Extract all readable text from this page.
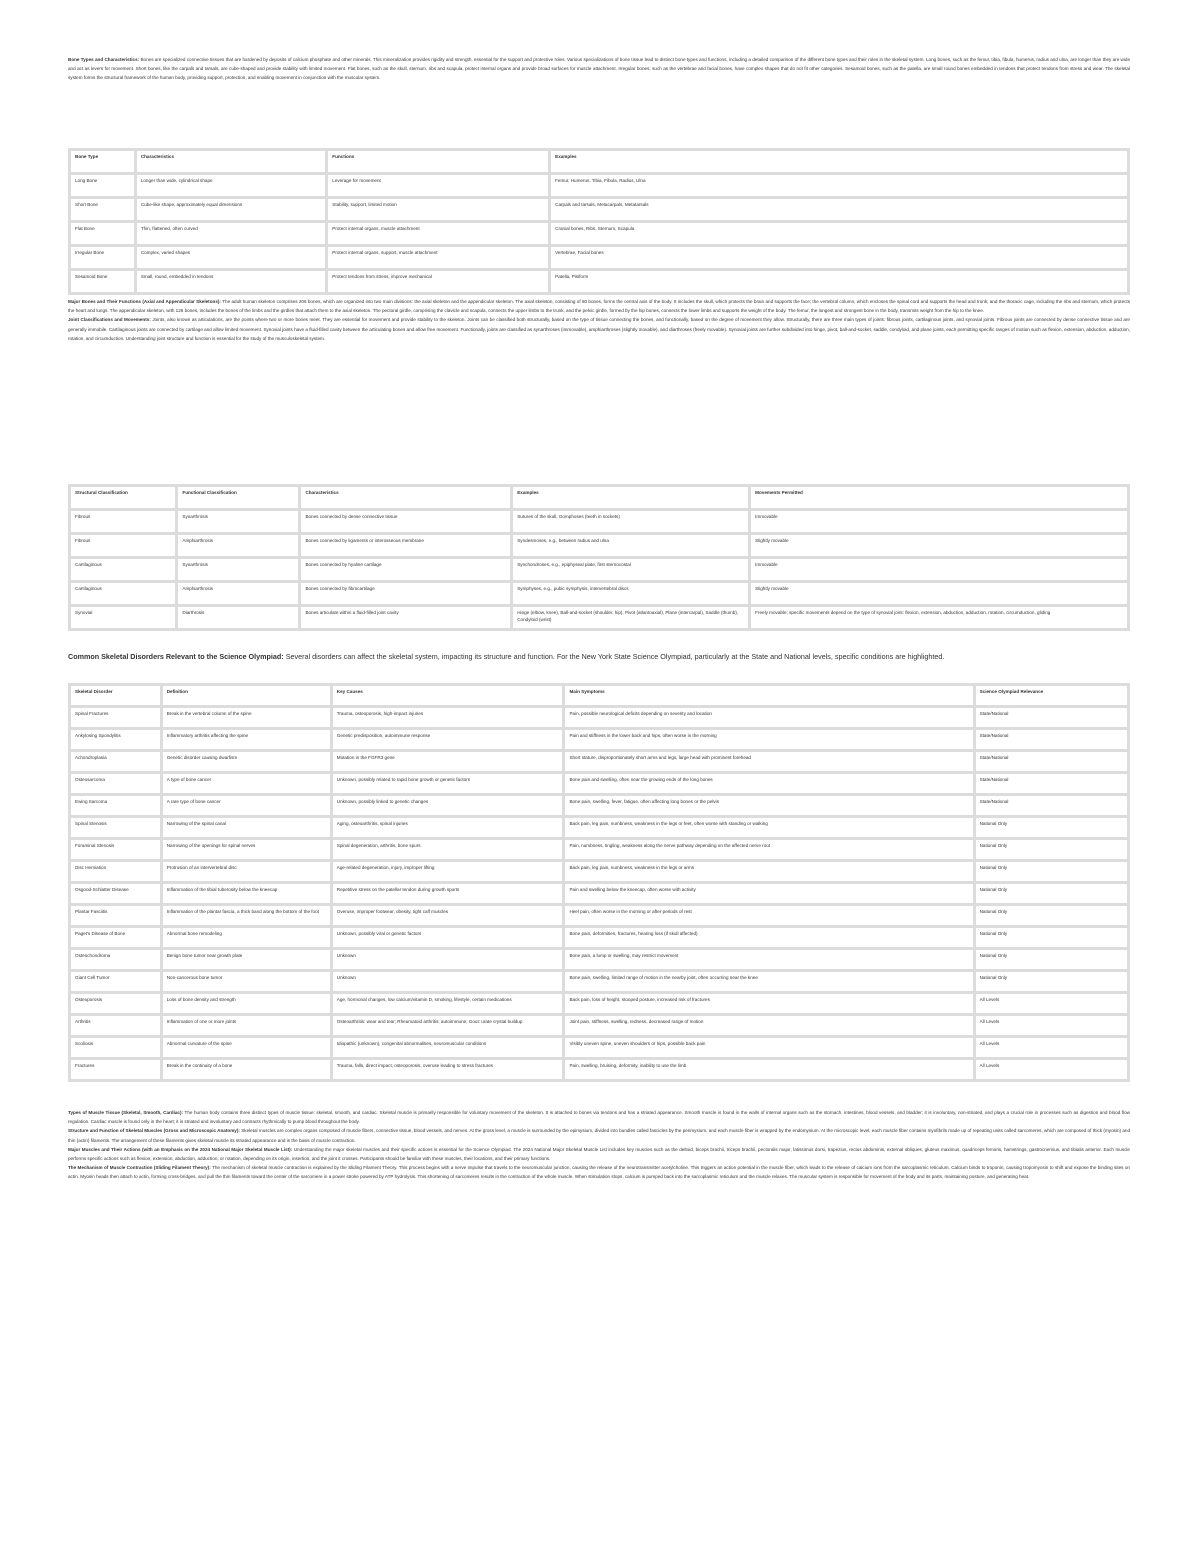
Bone Types and Characteristics: Bones are specialized connective tissues that are hardened by deposits of calcium phosphate and other minerals. This mineralization provides rigidity and strength, essential for the support and protective roles. Various specializations of bone tissue lead to distinct bone types and functions, including a detailed comparison of the different bone types and their roles in the skeletal system. Long bones, such as the femur, tibia, fibula, humerus, radius and ulna, are longer than they are wide and act as levers for movement. Short bones, like the carpals and tarsals, are cube-shaped and provide stability with limited movement. Flat bones, such as the skull, sternum, ribs and scapula, protect internal organs and provide broad surfaces for muscle attachment. Irregular bones, such as the vertebrae and facial bones, have complex shapes that do not fit other categories. Sesamoid bones, such as the patella, are small round bones embedded in tendons that protect tendons from stress and wear. The skeletal system forms the structural framework of the human body, providing support, protection, and enabling movement in conjunction with the muscular system.

Bone Type	Characteristics	Functions	Examples
Long Bone	Longer than wide, cylindrical shape	Leverage for movement	Femur, Humerus, Tibia, Fibula, Radius, Ulna
Short Bone	Cube-like shape, approximately equal dimensions	Stability, support, limited motion	Carpals and tarsals, Metacarpals, Metatarsals
Flat Bone	Thin, flattened, often curved	Protect internal organs, muscle attachment	Cranial bones, Ribs, Sternum, Scapula
Irregular Bone	Complex, varied shapes	Protect internal organs, support, muscle attachment	Vertebrae, Facial bones
Sesamoid Bone	Small, round, embedded in tendons	Protect tendons from stress, improve mechanical	Patella, Pisiform

Major Bones and Their Functions (Axial and Appendicular Skeletons): The adult human skeleton comprises 206 bones, which are organized into two main divisions: the axial skeleton and the appendicular skeleton. The axial skeleton, consisting of 80 bones, forms the central axis of the body. It includes the skull, which protects the brain and supports the face; the vertebral column, which encloses the spinal cord and supports the head and trunk; and the thoracic cage, including the ribs and sternum, which protects the heart and lungs. The appendicular skeleton, with 126 bones, includes the bones of the limbs and the girdles that attach them to the axial skeleton. The pectoral girdle, comprising the clavicle and scapula, connects the upper limbs to the trunk, and the pelvic girdle, formed by the hip bones, connects the lower limbs and supports the weight of the body. The femur, the longest and strongest bone in the body, transmits weight from the hip to the knee.

Joint Classifications and Movements: Joints, also known as articulations, are the points where two or more bones meet. They are essential for movement and provide stability to the skeleton. Joints can be classified both structurally, based on the type of tissue connecting the bones, and functionally, based on the degree of movement they allow. Structurally, there are three main types of joints: fibrous joints, cartilaginous joints, and synovial joints. Fibrous joints are connected by dense connective tissue and are generally immobile. Cartilaginous joints are connected by cartilage and allow limited movement. Synovial joints have a fluid-filled cavity between the articulating bones and allow free movement. Functionally, joints are classified as synarthroses (immovable), amphiarthroses (slightly movable), and diarthroses (freely movable). Synovial joints are further subdivided into hinge, pivot, ball-and-socket, saddle, condyloid, and plane joints, each permitting specific ranges of motion such as flexion, extension, abduction, adduction, rotation, and circumduction. Understanding joint structure and function is essential for the study of the musculoskeletal system.

Structural Classification	Functional Classification	Characteristics	Examples	Movements Permitted
Fibrous	Synarthrosis	Bones connected by dense connective tissue	Sutures of the skull, Gomphoses (teeth in sockets)	Immovable
Fibrous	Amphiarthrosis	Bones connected by ligaments or interosseous membrane	Syndesmoses, e.g., between radius and ulna	Slightly movable
Cartilaginous	Synarthrosis	Bones connected by hyaline cartilage	Synchondroses, e.g., epiphyseal plate, first sternocostal	Immovable
Cartilaginous	Amphiarthrosis	Bones connected by fibrocartilage	Symphyses, e.g., pubic symphysis, intervertebral discs	Slightly movable
Synovial	Diarthrosis	Bones articulate within a fluid-filled joint cavity	Hinge (elbow, knee), Ball-and-socket (shoulder, hip), Pivot (atlantoaxial), Plane (intercarpal), Saddle (thumb), Condyloid (wrist)	Freely movable; specific movements depend on the type of synovial joint: flexion, extension, abduction, adduction, rotation, circumduction, gliding
Common Skeletal Disorders Relevant to the Science Olympiad: Several disorders can affect the skeletal system, impacting its structure and function. For the New York State Science Olympiad, particularly at the State and National levels, specific conditions are highlighted.
Skeletal Disorder	Definition	Key Causes	Main Symptoms	Science Olympiad Relevance
Spinal Fractures	Break in the vertebral column of the spine	Trauma, osteoporosis, high-impact injuries	Pain, possible neurological deficits depending on severity and location	State/National
Ankylosing Spondylitis	Inflammatory arthritis affecting the spine	Genetic predisposition, autoimmune response	Pain and stiffness in the lower back and hips, often worse in the morning	State/National
Achondroplasia	Genetic disorder causing dwarfism	Mutation in the FGFR3 gene	Short stature, disproportionately short arms and legs, large head with prominent forehead	State/National
Osteosarcoma	A type of bone cancer	Unknown, possibly related to rapid bone growth or genetic factors	Bone pain and swelling, often near the growing ends of the long bones	State/National
Ewing Sarcoma	A rare type of bone cancer	Unknown, possibly linked to genetic changes	Bone pain, swelling, fever, fatigue, often affecting long bones or the pelvis	State/National
Spinal Stenosis	Narrowing of the spinal canal	Aging, osteoarthritis, spinal injuries	Back pain, leg pain, numbness, weakness in the legs or feet, often worse with standing or walking	National Only
Foraminal Stenosis	Narrowing of the openings for spinal nerves	Spinal degeneration, arthritis, bone spurs	Pain, numbness, tingling, weakness along the nerve pathway depending on the affected nerve root	National Only
Disc Herniation	Protrusion of an intervertebral disc	Age-related degeneration, injury, improper lifting	Back pain, leg pain, numbness, weakness in the legs or arms	National Only
Osgood-Schlatter Disease	Inflammation of the tibial tuberosity below the kneecap	Repetitive stress on the patellar tendon during growth spurts	Pain and swelling below the kneecap, often worse with activity	National Only
Plantar Fasciitis	Inflammation of the plantar fascia, a thick band along the bottom of the foot	Overuse, improper footwear, obesity, tight calf muscles	Heel pain, often worse in the morning or after periods of rest	National Only
Paget's Disease of Bone	Abnormal bone remodeling	Unknown, possibly viral or genetic factors	Bone pain, deformities, fractures, hearing loss (if skull affected)	National Only
Osteochondroma	Benign bone tumor near growth plate	Unknown	Bone pain, a lump or swelling, may restrict movement	National Only
Giant Cell Tumor	Non-cancerous bone tumor	Unknown	Bone pain, swelling, limited range of motion in the nearby joint, often occurring near the knee	National Only
Osteoporosis	Loss of bone density and strength	Age, hormonal changes, low calcium/vitamin D, smoking, lifestyle, certain medications	Back pain, loss of height, stooped posture, increased risk of fractures	All Levels
Arthritis	Inflammation of one or more joints	Osteoarthritis: wear and tear; Rheumatoid arthritis: autoimmune; Gout: urate crystal buildup	Joint pain, stiffness, swelling, redness, decreased range of motion	All Levels
Scoliosis	Abnormal curvature of the spine	Idiopathic (unknown), congenital abnormalities, neuromuscular conditions	Visibly uneven spine, uneven shoulders or hips, possible back pain	All Levels
Fractures	Break in the continuity of a bone	Trauma, falls, direct impact, osteoporosis, overuse leading to stress fractures	Pain, swelling, bruising, deformity, inability to use the limb	All Levels

Types of Muscle Tissue (Skeletal, Smooth, Cardiac): The human body contains three distinct types of muscle tissue: skeletal, smooth, and cardiac. Skeletal muscle is primarily responsible for voluntary movement of the skeleton. It is attached to bones via tendons and has a striated appearance. Smooth muscle is found in the walls of internal organs such as the stomach, intestines, blood vessels, and bladder; it is involuntary, non-striated, and plays a crucial role in processes such as digestion and blood flow regulation. Cardiac muscle is found only in the heart; it is striated and involuntary and contracts rhythmically to pump blood throughout the body.

Structure and Function of Skeletal Muscles (Gross and Microscopic Anatomy): Skeletal muscles are complex organs composed of muscle fibers, connective tissue, blood vessels, and nerves. At the gross level, a muscle is surrounded by the epimysium, divided into bundles called fascicles by the perimysium, and each muscle fiber is wrapped by the endomysium. At the microscopic level, each muscle fiber contains myofibrils made up of repeating units called sarcomeres, which are composed of thick (myosin) and thin (actin) filaments. The arrangement of these filaments gives skeletal muscle its striated appearance and is the basis of muscle contraction.

Major Muscles and Their Actions (with an Emphasis on the 2024 National Major Skeletal Muscle List): Understanding the major skeletal muscles and their specific actions is essential for the Science Olympiad. The 2024 National Major Skeletal Muscle List includes key muscles such as the deltoid, biceps brachii, triceps brachii, pectoralis major, latissimus dorsi, trapezius, rectus abdominis, external obliques, gluteus maximus, quadriceps femoris, hamstrings, gastrocnemius, and tibialis anterior. Each muscle performs specific actions such as flexion, extension, abduction, adduction, or rotation, depending on its origin, insertion, and the joint it crosses. Participants should be familiar with these muscles, their locations, and their primary functions.

The Mechanism of Muscle Contraction (Sliding Filament Theory): The mechanism of skeletal muscle contraction is explained by the Sliding Filament Theory. This process begins with a nerve impulse that travels to the neuromuscular junction, causing the release of the neurotransmitter acetylcholine. This triggers an action potential in the muscle fiber, which leads to the release of calcium ions from the sarcoplasmic reticulum. Calcium binds to troponin, causing tropomyosin to shift and expose the binding sites on actin. Myosin heads then attach to actin, forming cross-bridges, and pull the thin filaments toward the center of the sarcomere in a power stroke powered by ATP hydrolysis. This shortening of sarcomeres results in the contraction of the whole muscle. When stimulation stops, calcium is pumped back into the sarcoplasmic reticulum and the muscle relaxes. The muscular system is responsible for movement of the body and its parts, maintaining posture, and generating heat.
